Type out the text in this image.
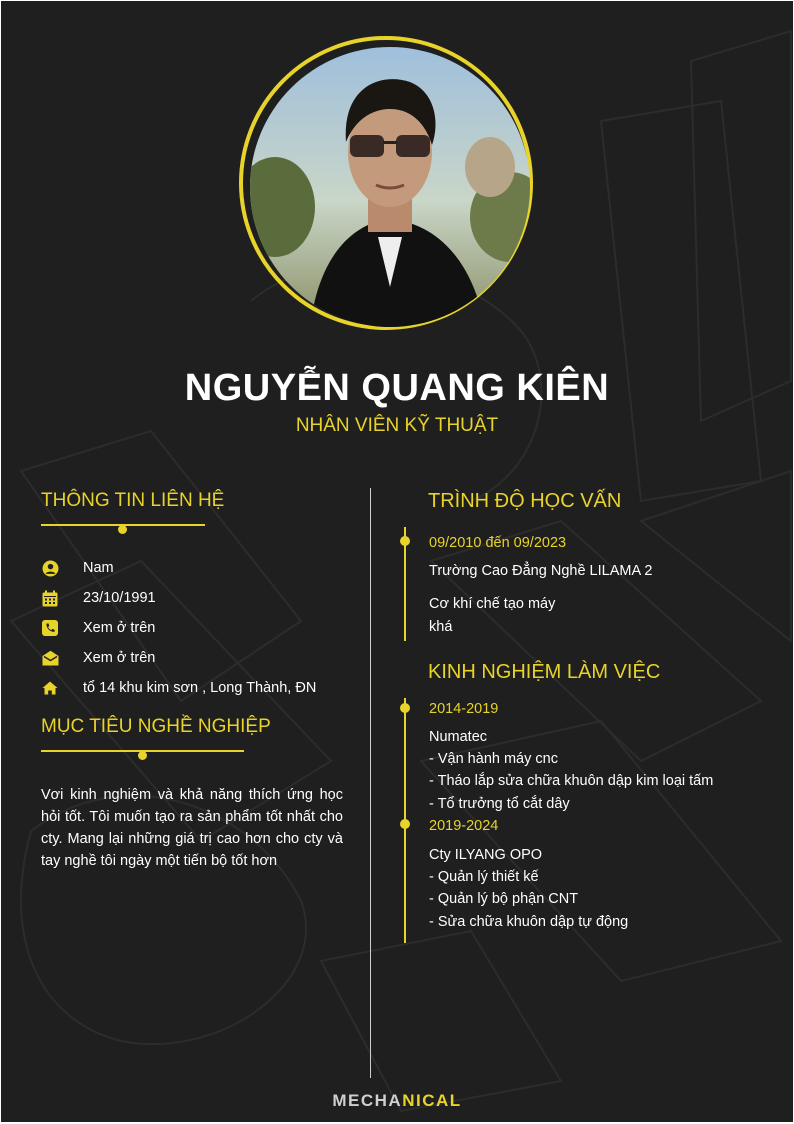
NGUYỄN QUANG KIÊN
NHÂN VIÊN KỸ THUẬT
THÔNG TIN LIÊN HỆ
Nam
23/10/1991
Xem ở trên
Xem ở trên
tổ 14 khu kim sơn , Long Thành, ĐN
MỤC TIÊU NGHỀ NGHIỆP
Vơi kinh nghiệm và khả năng thích ứng học hỏi tốt. Tôi muốn tạo ra sản phẩm tốt nhất cho cty. Mang lại những giá trị cao hơn cho cty và tay nghề tôi ngày một tiến bộ tốt hơn
TRÌNH ĐỘ HỌC VẤN
09/2010 đến 09/2023
Trường Cao Đẳng Nghề LILAMA 2
Cơ khí chế tạo máy
khá
KINH NGHIỆM LÀM VIỆC
2014-2019
Numatec
- Vận hành máy cnc
- Tháo lắp sửa chữa khuôn dập kim loại tấm
- Tổ trưởng tổ cắt dây
2019-2024
Cty ILYANG OPO
- Quản lý thiết kế
- Quản lý bộ phận CNT
- Sửa chữa khuôn dập tự động
MECHANICAL
